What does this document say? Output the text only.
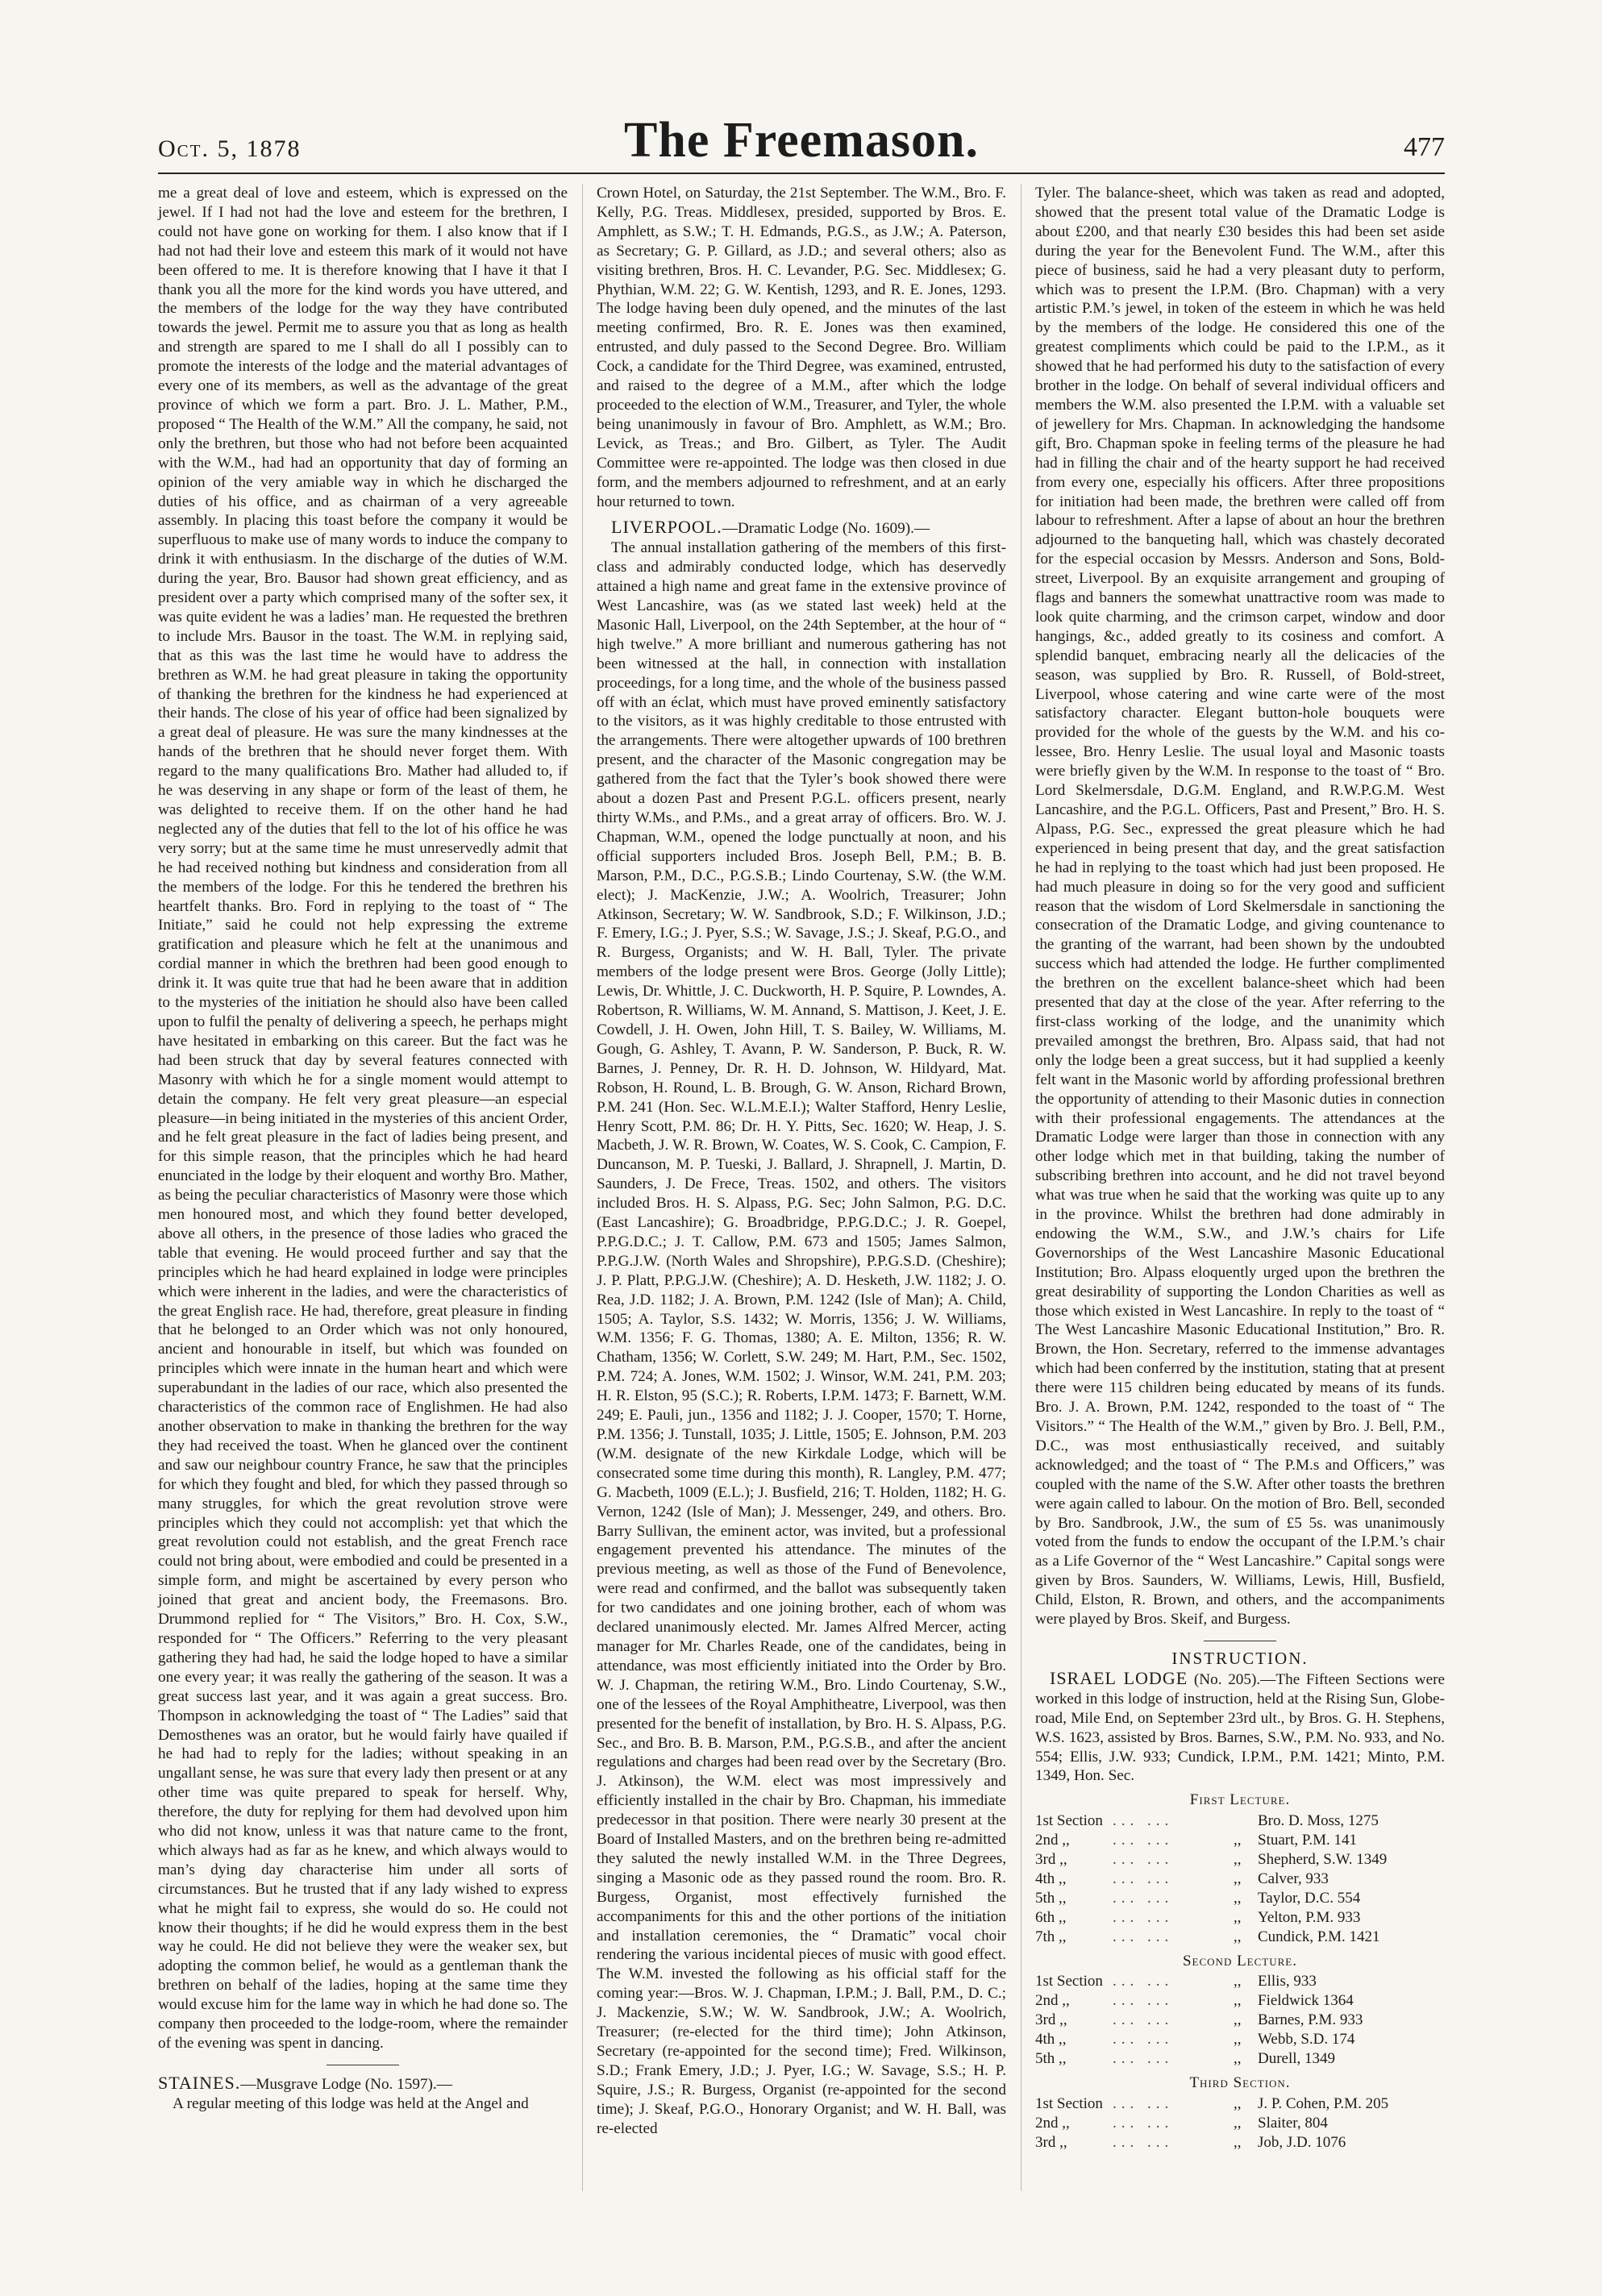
Oct. 5, 1878	The Freemason.	477

me a great deal of love and esteem, which is expressed on the jewel. If I had not had the love and esteem for the brethren, I could not have gone on working for them. I also know that if I had not had their love and esteem this mark of it would not have been offered to me. It is therefore knowing that I have it that I thank you all the more for the kind words you have uttered, and the members of the lodge for the way they have contributed towards the jewel. Permit me to assure you that as long as health and strength are spared to me I shall do all I possibly can to promote the interests of the lodge and the material advantages of every one of its members, as well as the advantage of the great province of which we form a part. Bro. J. L. Mather, P.M., proposed “ The Health of the W.M.” All the company, he said, not only the brethren, but those who had not before been acquainted with the W.M., had had an opportunity that day of forming an opinion of the very amiable way in which he discharged the duties of his office, and as chairman of a very agreeable assembly. In placing this toast before the company it would be superfluous to make use of many words to induce the company to drink it with enthusiasm. In the discharge of the duties of W.M. during the year, Bro. Bausor had shown great efficiency, and as president over a party which comprised many of the softer sex, it was quite evident he was a ladies’ man. He requested the brethren to include Mrs. Bausor in the toast. The W.M. in replying said, that as this was the last time he would have to address the brethren as W.M. he had great pleasure in taking the opportunity of thanking the brethren for the kindness he had experienced at their hands. The close of his year of office had been signalized by a great deal of pleasure. He was sure the many kindnesses at the hands of the brethren that he should never forget them. With regard to the many qualifications Bro. Mather had alluded to, if he was deserving in any shape or form of the least of them, he was delighted to receive them. If on the other hand he had neglected any of the duties that fell to the lot of his office he was very sorry; but at the same time he must unreservedly admit that he had received nothing but kindness and consideration from all the members of the lodge. For this he tendered the brethren his heartfelt thanks. Bro. Ford in replying to the toast of “ The Initiate,” said he could not help expressing the extreme gratification and pleasure which he felt at the unanimous and cordial manner in which the brethren had been good enough to drink it. It was quite true that had he been aware that in addition to the mysteries of the initiation he should also have been called upon to fulfil the penalty of delivering a speech, he perhaps might have hesitated in embarking on this career. But the fact was he had been struck that day by several features connected with Masonry with which he for a single moment would attempt to detain the company. He felt very great pleasure—an especial pleasure—in being initiated in the mysteries of this ancient Order, and he felt great pleasure in the fact of ladies being present, and for this simple reason, that the principles which he had heard enunciated in the lodge by their eloquent and worthy Bro. Mather, as being the peculiar characteristics of Masonry were those which men honoured most, and which they found better developed, above all others, in the presence of those ladies who graced the table that evening. He would proceed further and say that the principles which he had heard explained in lodge were principles which were inherent in the ladies, and were the characteristics of the great English race. He had, therefore, great pleasure in finding that he belonged to an Order which was not only honoured, ancient and honourable in itself, but which was founded on principles which were innate in the human heart and which were superabundant in the ladies of our race, which also presented the characteristics of the common race of Englishmen. He had also another observation to make in thanking the brethren for the way they had received the toast. When he glanced over the continent and saw our neighbour country France, he saw that the principles for which they fought and bled, for which they passed through so many struggles, for which the great revolution strove were principles which they could not accomplish: yet that which the great revolution could not establish, and the great French race could not bring about, were embodied and could be presented in a simple form, and might be ascertained by every person who joined that great and ancient body, the Freemasons. Bro. Drummond replied for “ The Visitors,” Bro. H. Cox, S.W., responded for “ The Officers.” Referring to the very pleasant gathering they had had, he said the lodge hoped to have a similar one every year; it was really the gathering of the season. It was a great success last year, and it was again a great success. Bro. Thompson in acknowledging the toast of “ The Ladies” said that Demosthenes was an orator, but he would fairly have quailed if he had had to reply for the ladies; without speaking in an ungallant sense, he was sure that every lady then present or at any other time was quite prepared to speak for herself. Why, therefore, the duty for replying for them had devolved upon him who did not know, unless it was that nature came to the front, which always had as far as he knew, and which always would to man’s dying day characterise him under all sorts of circumstances. But he trusted that if any lady wished to express what he might fail to express, she would do so. He could not know their thoughts; if he did he would express them in the best way he could. He did not believe they were the weaker sex, but adopting the common belief, he would as a gentleman thank the brethren on behalf of the ladies, hoping at the same time they would excuse him for the lame way in which he had done so. The company then proceeded to the lodge-room, where the remainder of the evening was spent in dancing.

STAINES.—Musgrave Lodge (No. 1597).—

A regular meeting of this lodge was held at the Angel and

Crown Hotel, on Saturday, the 21st September. The W.M., Bro. F. Kelly, P.G. Treas. Middlesex, presided, supported by Bros. E. Amphlett, as S.W.; T. H. Edmands, P.G.S., as J.W.; A. Paterson, as Secretary; G. P. Gillard, as J.D.; and several others; also as visiting brethren, Bros. H. C. Levander, P.G. Sec. Middlesex; G. Phythian, W.M. 22; G. W. Kentish, 1293, and R. E. Jones, 1293. The lodge having been duly opened, and the minutes of the last meeting confirmed, Bro. R. E. Jones was then examined, entrusted, and duly passed to the Second Degree. Bro. William Cock, a candidate for the Third Degree, was examined, entrusted, and raised to the degree of a M.M., after which the lodge proceeded to the election of W.M., Treasurer, and Tyler, the whole being unanimously in favour of Bro. Amphlett, as W.M.; Bro. Levick, as Treas.; and Bro. Gilbert, as Tyler. The Audit Committee were re-appointed. The lodge was then closed in due form, and the members adjourned to refreshment, and at an early hour returned to town.

LIVERPOOL.—Dramatic Lodge (No. 1609).—

The annual installation gathering of the members of this first-class and admirably conducted lodge, which has deservedly attained a high name and great fame in the extensive province of West Lancashire, was (as we stated last week) held at the Masonic Hall, Liverpool, on the 24th September, at the hour of “ high twelve.” A more brilliant and numerous gathering has not been witnessed at the hall, in connection with installation proceedings, for a long time, and the whole of the business passed off with an éclat, which must have proved eminently satisfactory to the visitors, as it was highly creditable to those entrusted with the arrangements. There were altogether upwards of 100 brethren present, and the character of the Masonic congregation may be gathered from the fact that the Tyler’s book showed there were about a dozen Past and Present P.G.L. officers present, nearly thirty W.Ms., and P.Ms., and a great array of officers. Bro. W. J. Chapman, W.M., opened the lodge punctually at noon, and his official supporters included Bros. Joseph Bell, P.M.; B. B. Marson, P.M., D.C., P.G.S.B.; Lindo Courtenay, S.W. (the W.M. elect); J. MacKenzie, J.W.; A. Woolrich, Treasurer; John Atkinson, Secretary; W. W. Sandbrook, S.D.; F. Wilkinson, J.D.; F. Emery, I.G.; J. Pyer, S.S.; W. Savage, J.S.; J. Skeaf, P.G.O., and R. Burgess, Organists; and W. H. Ball, Tyler. The private members of the lodge present were Bros. George (Jolly Little); Lewis, Dr. Whittle, J. C. Duckworth, H. P. Squire, P. Lowndes, A. Robertson, R. Williams, W. M. Annand, S. Mattison, J. Keet, J. E. Cowdell, J. H. Owen, John Hill, T. S. Bailey, W. Williams, M. Gough, G. Ashley, T. Avann, P. W. Sanderson, P. Buck, R. W. Barnes, J. Penney, Dr. R. H. D. Johnson, W. Hildyard, Mat. Robson, H. Round, L. B. Brough, G. W. Anson, Richard Brown, P.M. 241 (Hon. Sec. W.L.M.E.I.); Walter Stafford, Henry Leslie, Henry Scott, P.M. 86; Dr. H. Y. Pitts, Sec. 1620; W. Heap, J. S. Macbeth, J. W. R. Brown, W. Coates, W. S. Cook, C. Campion, F. Duncanson, M. P. Tueski, J. Ballard, J. Shrapnell, J. Martin, D. Saunders, J. De Frece, Treas. 1502, and others. The visitors included Bros. H. S. Alpass, P.G. Sec; John Salmon, P.G. D.C. (East Lancashire); G. Broadbridge, P.P.G.D.C.; J. R. Goepel, P.P.G.D.C.; J. T. Callow, P.M. 673 and 1505; James Salmon, P.P.G.J.W. (North Wales and Shropshire), P.P.G.S.D. (Cheshire); J. P. Platt, P.P.G.J.W. (Cheshire); A. D. Hesketh, J.W. 1182; J. O. Rea, J.D. 1182; J. A. Brown, P.M. 1242 (Isle of Man); A. Child, 1505; A. Taylor, S.S. 1432; W. Morris, 1356; J. W. Williams, W.M. 1356; F. G. Thomas, 1380; A. E. Milton, 1356; R. W. Chatham, 1356; W. Corlett, S.W. 249; M. Hart, P.M., Sec. 1502, P.M. 724; A. Jones, W.M. 1502; J. Winsor, W.M. 241, P.M. 203; H. R. Elston, 95 (S.C.); R. Roberts, I.P.M. 1473; F. Barnett, W.M. 249; E. Pauli, jun., 1356 and 1182; J. J. Cooper, 1570; T. Horne, P.M. 1356; J. Tunstall, 1035; J. Little, 1505; E. Johnson, P.M. 203 (W.M. designate of the new Kirkdale Lodge, which will be consecrated some time during this month), R. Langley, P.M. 477; G. Macbeth, 1009 (E.L.); J. Busfield, 216; T. Holden, 1182; H. G. Vernon, 1242 (Isle of Man); J. Messenger, 249, and others. Bro. Barry Sullivan, the eminent actor, was invited, but a professional engagement prevented his attendance. The minutes of the previous meeting, as well as those of the Fund of Benevolence, were read and confirmed, and the ballot was subsequently taken for two candidates and one joining brother, each of whom was declared unanimously elected. Mr. James Alfred Mercer, acting manager for Mr. Charles Reade, one of the candidates, being in attendance, was most efficiently initiated into the Order by Bro. W. J. Chapman, the retiring W.M., Bro. Lindo Courtenay, S.W., one of the lessees of the Royal Amphitheatre, Liverpool, was then presented for the benefit of installation, by Bro. H. S. Alpass, P.G. Sec., and Bro. B. B. Marson, P.M., P.G.S.B., and after the ancient regulations and charges had been read over by the Secretary (Bro. J. Atkinson), the W.M. elect was most impressively and efficiently installed in the chair by Bro. Chapman, his immediate predecessor in that position. There were nearly 30 present at the Board of Installed Masters, and on the brethren being re-admitted they saluted the newly installed W.M. in the Three Degrees, singing a Masonic ode as they passed round the room. Bro. R. Burgess, Organist, most effectively furnished the accompaniments for this and the other portions of the initiation and installation ceremonies, the “ Dramatic” vocal choir rendering the various incidental pieces of music with good effect. The W.M. invested the following as his official staff for the coming year:—Bros. W. J. Chapman, I.P.M.; J. Ball, P.M., D. C.; J. Mackenzie, S.W.; W. W. Sandbrook, J.W.; A. Woolrich, Treasurer; (re-elected for the third time); John Atkinson, Secretary (re-appointed for the second time); Fred. Wilkinson, S.D.; Frank Emery, J.D.; J. Pyer, I.G.; W. Savage, S.S.; H. P. Squire, J.S.; R. Burgess, Organist (re-appointed for the second time); J. Skeaf, P.G.O., Honorary Organist; and W. H. Ball, was re-elected

Tyler. The balance-sheet, which was taken as read and adopted, showed that the present total value of the Dramatic Lodge is about £200, and that nearly £30 besides this had been set aside during the year for the Benevolent Fund. The W.M., after this piece of business, said he had a very pleasant duty to perform, which was to present the I.P.M. (Bro. Chapman) with a very artistic P.M.’s jewel, in token of the esteem in which he was held by the members of the lodge. He considered this one of the greatest compliments which could be paid to the I.P.M., as it showed that he had performed his duty to the satisfaction of every brother in the lodge. On behalf of several individual officers and members the W.M. also presented the I.P.M. with a valuable set of jewellery for Mrs. Chapman. In acknowledging the handsome gift, Bro. Chapman spoke in feeling terms of the pleasure he had had in filling the chair and of the hearty support he had received from every one, especially his officers. After three propositions for initiation had been made, the brethren were called off from labour to refreshment. After a lapse of about an hour the brethren adjourned to the banqueting hall, which was chastely decorated for the especial occasion by Messrs. Anderson and Sons, Bold-street, Liverpool. By an exquisite arrangement and grouping of flags and banners the somewhat unattractive room was made to look quite charming, and the crimson carpet, window and door hangings, &c., added greatly to its cosiness and comfort. A splendid banquet, embracing nearly all the delicacies of the season, was supplied by Bro. R. Russell, of Bold-street, Liverpool, whose catering and wine carte were of the most satisfactory character. Elegant button-hole bouquets were provided for the whole of the guests by the W.M. and his co-lessee, Bro. Henry Leslie. The usual loyal and Masonic toasts were briefly given by the W.M. In response to the toast of “ Bro. Lord Skelmersdale, D.G.M. England, and R.W.P.G.M. West Lancashire, and the P.G.L. Officers, Past and Present,” Bro. H. S. Alpass, P.G. Sec., expressed the great pleasure which he had experienced in being present that day, and the great satisfaction he had in replying to the toast which had just been proposed. He had much pleasure in doing so for the very good and sufficient reason that the wisdom of Lord Skelmersdale in sanctioning the consecration of the Dramatic Lodge, and giving countenance to the granting of the warrant, had been shown by the undoubted success which had attended the lodge. He further complimented the brethren on the excellent balance-sheet which had been presented that day at the close of the year. After referring to the first-class working of the lodge, and the unanimity which prevailed amongst the brethren, Bro. Alpass said, that had not only the lodge been a great success, but it had supplied a keenly felt want in the Masonic world by affording professional brethren the opportunity of attending to their Masonic duties in connection with their professional engagements. The attendances at the Dramatic Lodge were larger than those in connection with any other lodge which met in that building, taking the number of subscribing brethren into account, and he did not travel beyond what was true when he said that the working was quite up to any in the province. Whilst the brethren had done admirably in endowing the W.M., S.W., and J.W.’s chairs for Life Governorships of the West Lancashire Masonic Educational Institution; Bro. Alpass eloquently urged upon the brethren the great desirability of supporting the London Charities as well as those which existed in West Lancashire. In reply to the toast of “ The West Lancashire Masonic Educational Institution,” Bro. R. Brown, the Hon. Secretary, referred to the immense advantages which had been conferred by the institution, stating that at present there were 115 children being educated by means of its funds. Bro. J. A. Brown, P.M. 1242, responded to the toast of “ The Visitors.” “ The Health of the W.M.,” given by Bro. J. Bell, P.M., D.C., was most enthusiastically received, and suitably acknowledged; and the toast of “ The P.M.s and Officers,” was coupled with the name of the S.W. After other toasts the brethren were again called to labour. On the motion of Bro. Bell, seconded by Bro. Sandbrook, J.W., the sum of £5 5s. was unanimously voted from the funds to endow the occupant of the I.P.M.’s chair as a Life Governor of the “ West Lancashire.” Capital songs were given by Bros. Saunders, W. Williams, Lewis, Hill, Busfield, Child, Elston, R. Brown, and others, and the accompaniments were played by Bros. Skeif, and Burgess.

INSTRUCTION.

ISRAEL LODGE (No. 205).—The Fifteen Sections were worked in this lodge of instruction, held at the Rising Sun, Globe-road, Mile End, on September 23rd ult., by Bros. G. H. Stephens, W.S. 1623, assisted by Bros. Barnes, S.W., P.M. No. 933, and No. 554; Ellis, J.W. 933; Cundick, I.P.M., P.M. 1421; Minto, P.M. 1349, Hon. Sec.

First Lecture.
1st Section	... ...		Bro. D. Moss, 1275
2nd ,,	... ...	,,	Stuart, P.M. 141
3rd ,,	... ...	,,	Shepherd, S.W. 1349
4th ,,	... ...	,,	Calver, 933
5th ,,	... ...	,,	Taylor, D.C. 554
6th ,,	... ...	,,	Yelton, P.M. 933
7th ,,	... ...	,,	Cundick, P.M. 1421
Second Lecture.
1st Section	... ...	,,	Ellis, 933
2nd ,,	... ...	,,	Fieldwick 1364
3rd ,,	... ...	,,	Barnes, P.M. 933
4th ,,	... ...	,,	Webb, S.D. 174
5th ,,	... ...	,,	Durell, 1349
Third Section.
1st Section	... ...	,,	J. P. Cohen, P.M. 205
2nd ,,	... ...	,,	Slaiter, 804
3rd ,,	... ...	,,	Job, J.D. 1076
